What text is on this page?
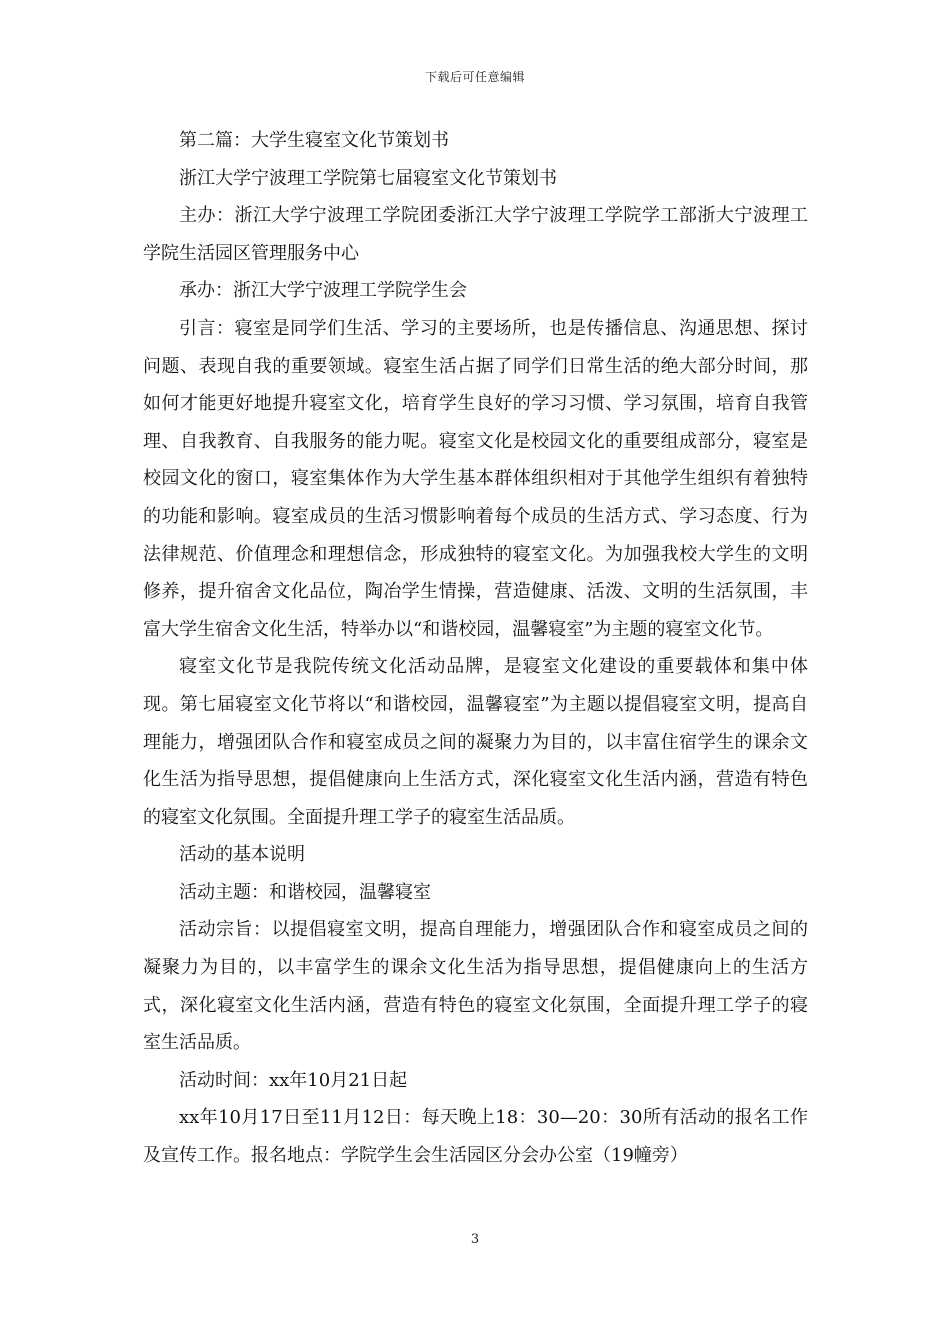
下载后可任意编辑

第二篇：大学生寝室文化节策划书

浙江大学宁波理工学院第七届寝室文化节策划书

主办：浙江大学宁波理工学院团委浙江大学宁波理工学院学工部浙大宁波理工学院生活园区管理服务中心

承办：浙江大学宁波理工学院学生会

引言：寝室是同学们生活、学习的主要场所，也是传播信息、沟通思想、探讨问题、表现自我的重要领域。寝室生活占据了同学们日常生活的绝大部分时间，那如何才能更好地提升寝室文化，培育学生良好的学习习惯、学习氛围，培育自我管理、自我教育、自我服务的能力呢。寝室文化是校园文化的重要组成部分，寝室是校园文化的窗口，寝室集体作为大学生基本群体组织相对于其他学生组织有着独特的功能和影响。寝室成员的生活习惯影响着每个成员的生活方式、学习态度、行为法律规范、价值理念和理想信念，形成独特的寝室文化。为加强我校大学生的文明修养，提升宿舍文化品位，陶冶学生情操，营造健康、活泼、文明的生活氛围，丰富大学生宿舍文化生活，特举办以“和谐校园，温馨寝室”为主题的寝室文化节。

寝室文化节是我院传统文化活动品牌，是寝室文化建设的重要载体和集中体现。第七届寝室文化节将以“和谐校园，温馨寝室”为主题以提倡寝室文明，提高自理能力，增强团队合作和寝室成员之间的凝聚力为目的，以丰富住宿学生的课余文化生活为指导思想，提倡健康向上生活方式，深化寝室文化生活内涵，营造有特色的寝室文化氛围。全面提升理工学子的寝室生活品质。

活动的基本说明

活动主题：和谐校园，温馨寝室

活动宗旨：以提倡寝室文明，提高自理能力，增强团队合作和寝室成员之间的凝聚力为目的，以丰富学生的课余文化生活为指导思想，提倡健康向上的生活方式，深化寝室文化生活内涵，营造有特色的寝室文化氛围，全面提升理工学子的寝室生活品质。

活动时间：xx年10月21日起

xx年10月17日至11月12日：每天晚上18：30—20：30所有活动的报名工作及宣传工作。报名地点：学院学生会生活园区分会办公室（19幢旁）

3
